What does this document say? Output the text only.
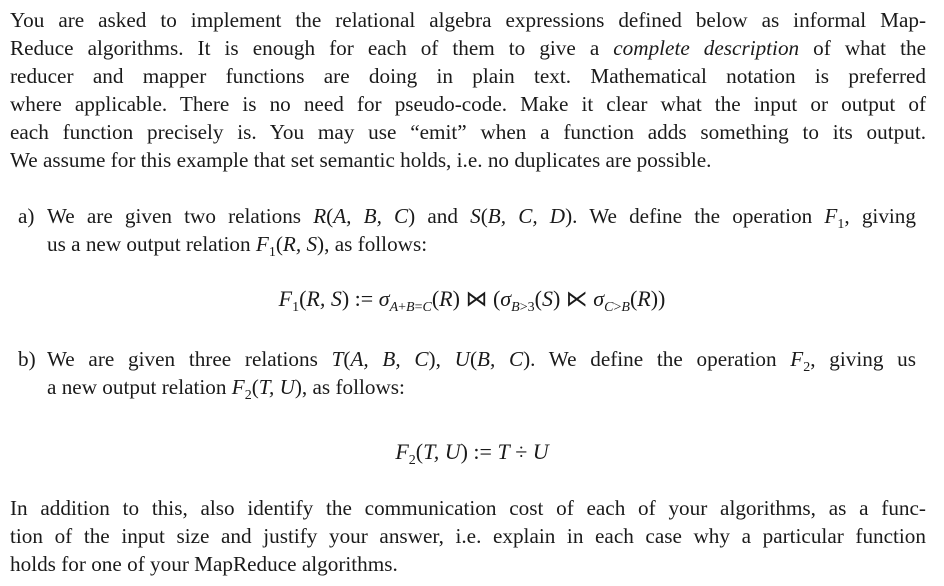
You are asked to implement the relational algebra expressions defined below as informal Map-
Reduce algorithms. It is enough for each of them to give a complete description of what the
reducer and mapper functions are doing in plain text. Mathematical notation is preferred
where applicable. There is no need for pseudo-code. Make it clear what the input or output of
each function precisely is. You may use “emit” when a function adds something to its output.
We assume for this example that set semantic holds, i.e. no duplicates are possible.
a) We are given two relations R(A, B, C) and S(B, C, D). We define the operation $F_1$, giving
us a new output relation $F_1(R$, S), as follows:
$F_1(R$, S) := $\sigma_{A+B=C}(R)$ ⋈ ($\sigma_{B>3}(S)$ ⋉ $\sigma_{C>B}(R)$)
b) We are given three relations T(A, B, C), U(B, C). We define the operation $F_2$, giving us
a new output relation $F_2(T$, U), as follows:
$F_2(T$, U) := T ÷ U
In addition to this, also identify the communication cost of each of your algorithms, as a func-
tion of the input size and justify your answer, i.e. explain in each case why a particular function
holds for one of your MapReduce algorithms.
